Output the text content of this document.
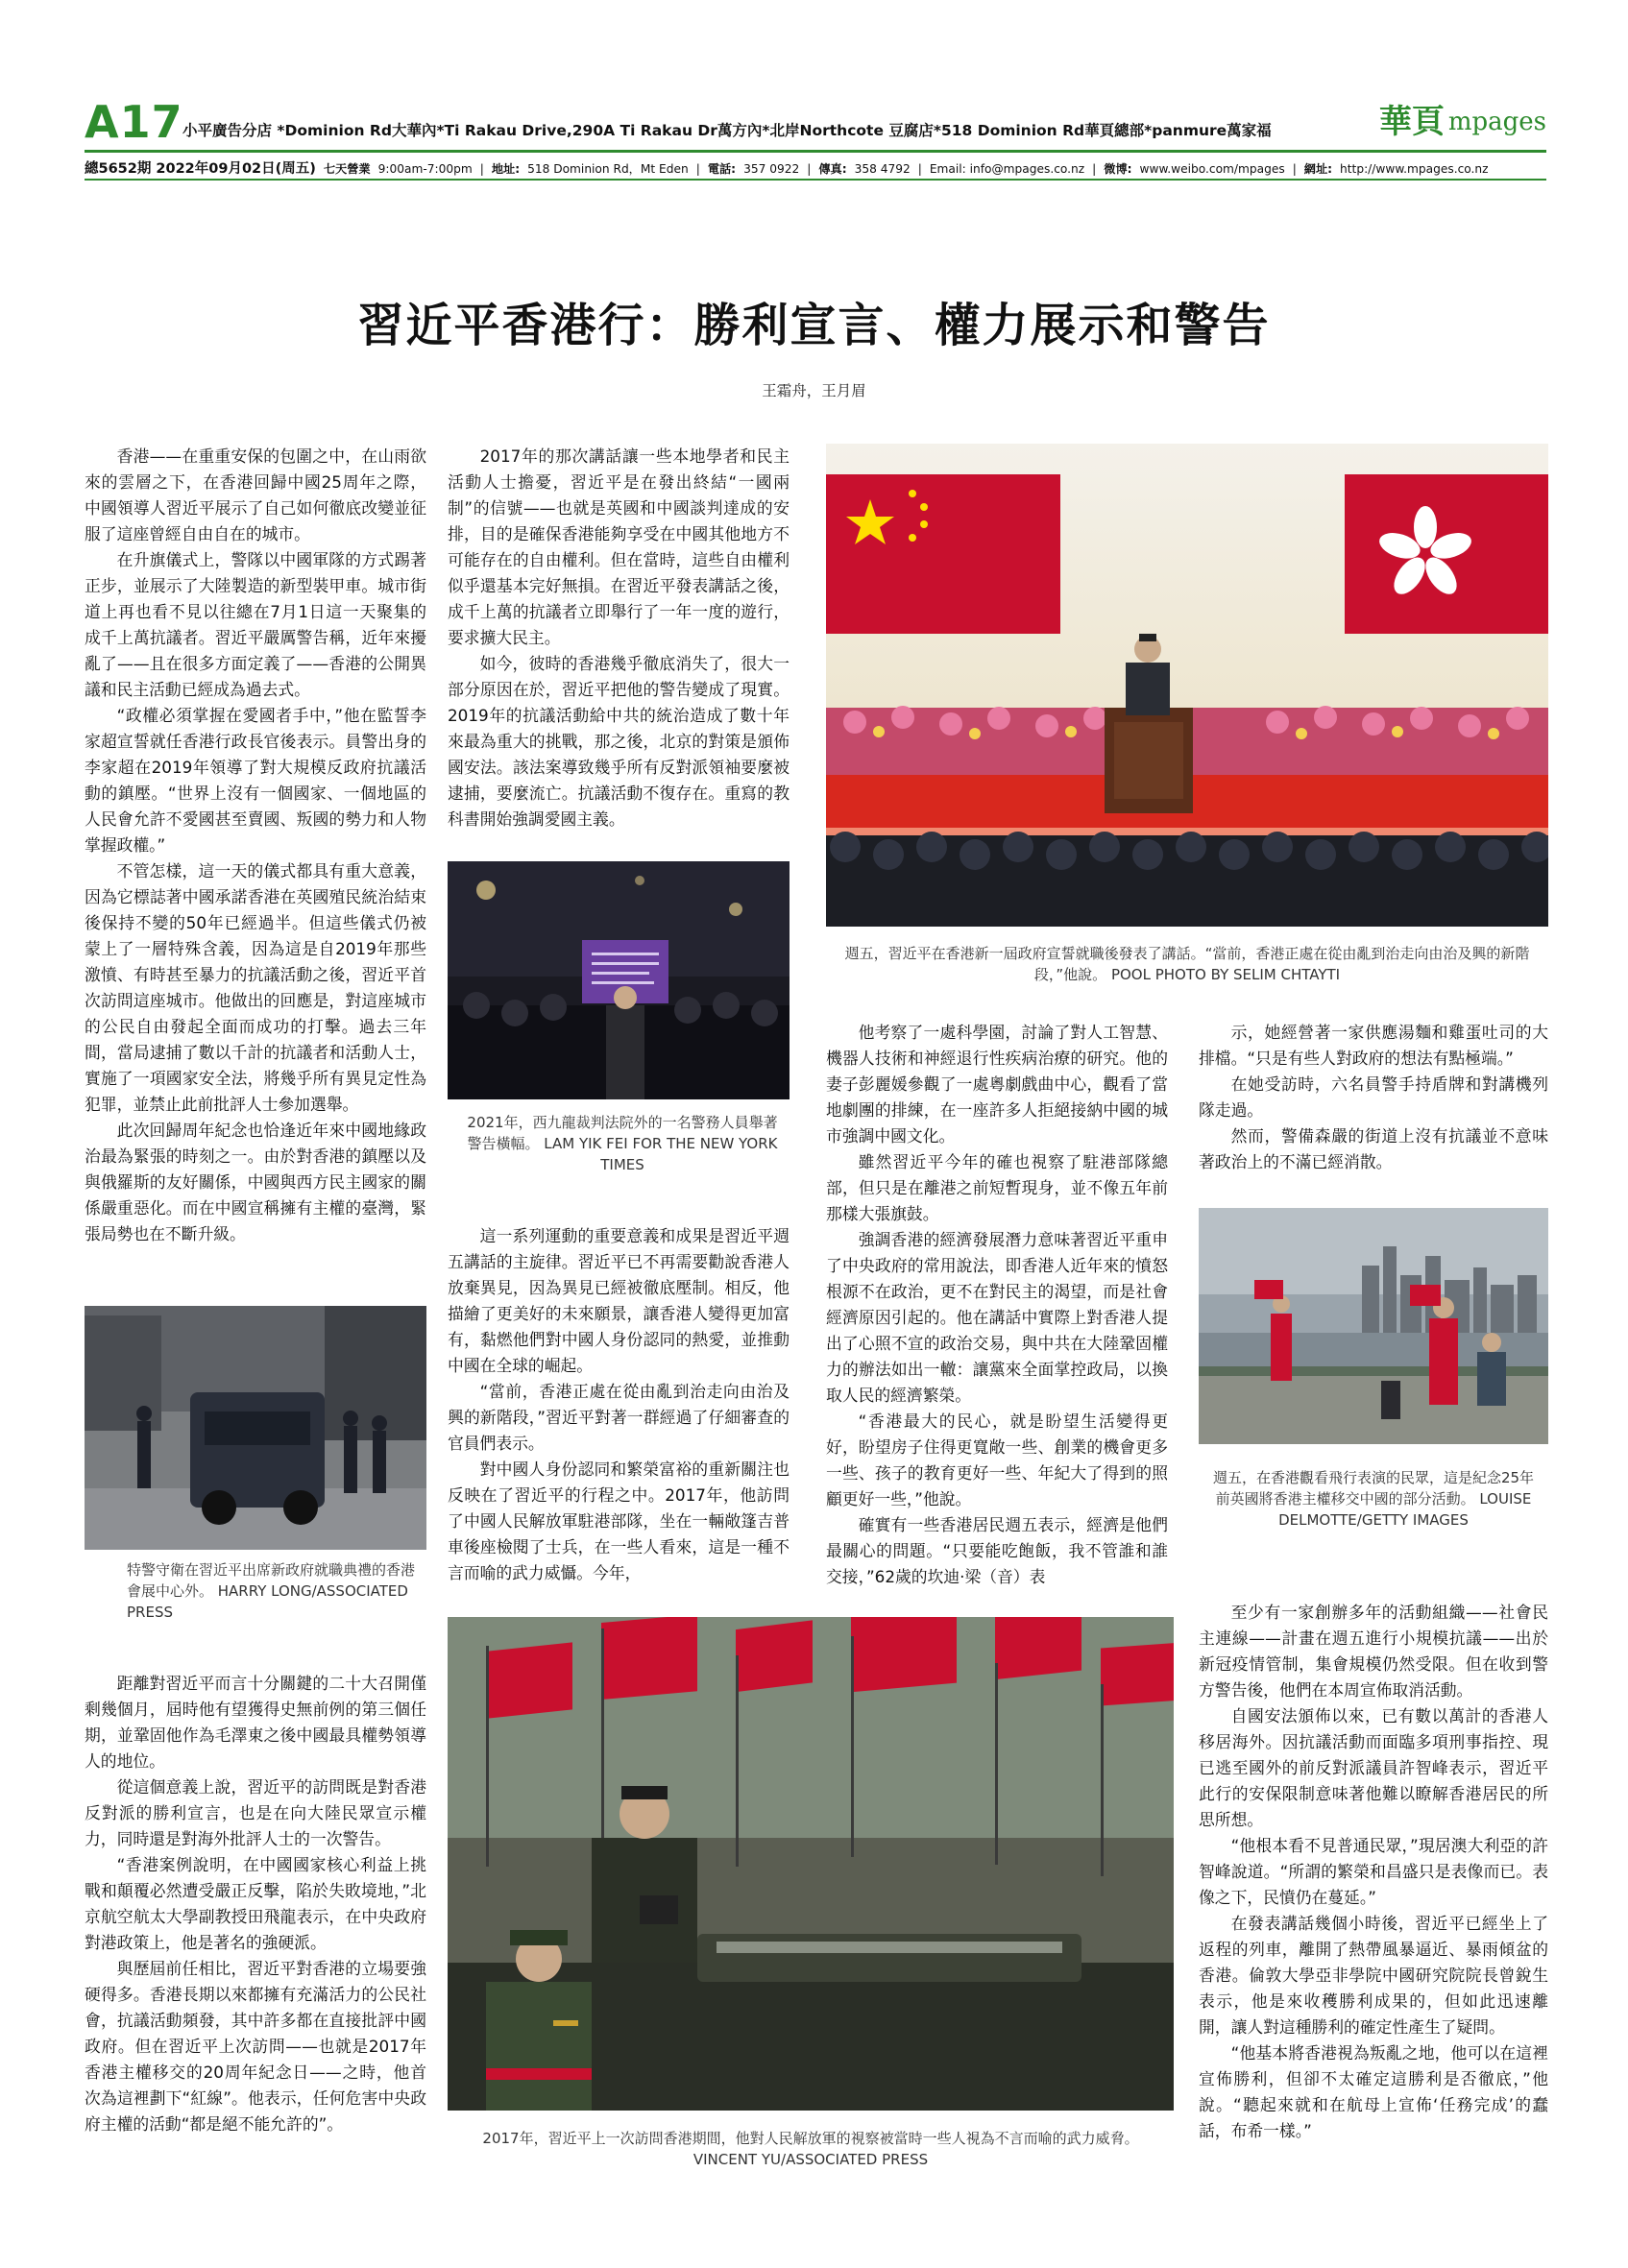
A17 小平廣告分店 *Dominion Rd大華內*Ti Rakau Drive,290A Ti Rakau Dr萬方內*北岸Northcote 豆腐店*518 Dominion Rd華頁總部*panmure萬家福	華頁 mpages
總5652期 2022年09月02日(周五) 七天營業 9:00am-7:00pm | 地址: 518 Dominion Rd，Mt Eden | 電話: 357 0922 | 傳真: 358 4792 | Email: info@mpages.co.nz | 微博: www.weibo.com/mpages | 網址: http://www.mpages.co.nz
習近平香港行：勝利宣言、權力展示和警告
王霜舟，王月眉

香港——在重重安保的包圍之中，在山雨欲來的雲層之下，在香港回歸中國25周年之際，中國領導人習近平展示了自己如何徹底改變並征服了這座曾經自由自在的城市。

在升旗儀式上，警隊以中國軍隊的方式踢著正步，並展示了大陸製造的新型裝甲車。城市街道上再也看不見以往總在7月1日這一天聚集的成千上萬抗議者。習近平嚴厲警告稱，近年來擾亂了——且在很多方面定義了——香港的公開異議和民主活動已經成為過去式。

“政權必須掌握在愛國者手中，”他在監誓李家超宣誓就任香港行政長官後表示。員警出身的李家超在2019年領導了對大規模反政府抗議活動的鎮壓。“世界上沒有一個國家、一個地區的人民會允許不愛國甚至賣國、叛國的勢力和人物掌握政權。”

不管怎樣，這一天的儀式都具有重大意義，因為它標誌著中國承諾香港在英國殖民統治結束後保持不變的50年已經過半。但這些儀式仍被蒙上了一層特殊含義，因為這是自2019年那些激憤、有時甚至暴力的抗議活動之後，習近平首次訪問這座城市。他做出的回應是，對這座城市的公民自由發起全面而成功的打擊。過去三年間，當局逮捕了數以千計的抗議者和活動人士，實施了一項國家安全法，將幾乎所有異見定性為犯罪，並禁止此前批評人士參加選舉。

此次回歸周年紀念也恰逢近年來中國地緣政治最為緊張的時刻之一。由於對香港的鎮壓以及與俄羅斯的友好關係，中國與西方民主國家的關係嚴重惡化。而在中國宣稱擁有主權的臺灣，緊張局勢也在不斷升級。

特警守衛在習近平出席新政府就職典禮的香港會展中心外。 HARRY LONG/ASSOCIATED PRESS

距離對習近平而言十分關鍵的二十大召開僅剩幾個月，屆時他有望獲得史無前例的第三個任期，並鞏固他作為毛澤東之後中國最具權勢領導人的地位。

從這個意義上說，習近平的訪問既是對香港反對派的勝利宣言，也是在向大陸民眾宣示權力，同時還是對海外批評人士的一次警告。

“香港案例說明，在中國國家核心利益上挑戰和顛覆必然遭受嚴正反擊，陷於失敗境地，”北京航空航太大學副教授田飛龍表示，在中央政府對港政策上，他是著名的強硬派。

與歷屆前任相比，習近平對香港的立場要強硬得多。香港長期以來都擁有充滿活力的公民社會，抗議活動頻發，其中許多都在直接批評中國政府。但在習近平上次訪問——也就是2017年香港主權移交的20周年紀念日——之時，他首次為這裡劃下“紅線”。他表示，任何危害中央政府主權的活動“都是絕不能允許的”。

2017年的那次講話讓一些本地學者和民主活動人士擔憂，習近平是在發出終結“一國兩制”的信號——也就是英國和中國談判達成的安排，目的是確保香港能夠享受在中國其他地方不可能存在的自由權利。但在當時，這些自由權利似乎還基本完好無損。在習近平發表講話之後，成千上萬的抗議者立即舉行了一年一度的遊行，要求擴大民主。

如今，彼時的香港幾乎徹底消失了，很大一部分原因在於，習近平把他的警告變成了現實。2019年的抗議活動給中共的統治造成了數十年來最為重大的挑戰，那之後，北京的對策是頒佈國安法。該法案導致幾乎所有反對派領袖要麼被逮捕，要麼流亡。抗議活動不復存在。重寫的教科書開始強調愛國主義。

2021年，西九龍裁判法院外的一名警務人員舉著警告橫幅。 LAM YIK FEI FOR THE NEW YORK TIMES

這一系列運動的重要意義和成果是習近平週五講話的主旋律。習近平已不再需要勸說香港人放棄異見，因為異見已經被徹底壓制。相反，他描繪了更美好的未來願景，讓香港人變得更加富有，黏燃他們對中國人身份認同的熱愛，並推動中國在全球的崛起。

“當前，香港正處在從由亂到治走向由治及興的新階段，”習近平對著一群經過了仔細審查的官員們表示。

對中國人身份認同和繁榮富裕的重新關注也反映在了習近平的行程之中。2017年，他訪問了中國人民解放軍駐港部隊，坐在一輛敞篷吉普車後座檢閱了士兵，在一些人看來，這是一種不言而喻的武力威懾。今年，

週五，習近平在香港新一屆政府宣誓就職後發表了講話。“當前，香港正處在從由亂到治走向由治及興的新階段，”他說。 POOL PHOTO BY SELIM CHTAYTI

他考察了一處科學園，討論了對人工智慧、機器人技術和神經退行性疾病治療的研究。他的妻子彭麗媛參觀了一處粵劇戲曲中心，觀看了當地劇團的排練，在一座許多人拒絕接納中國的城市強調中國文化。

雖然習近平今年的確也視察了駐港部隊總部，但只是在離港之前短暫現身，並不像五年前那樣大張旗鼓。

強調香港的經濟發展潛力意味著習近平重申了中央政府的常用說法，即香港人近年來的憤怒根源不在政治，更不在對民主的渴望，而是社會經濟原因引起的。他在講話中實際上對香港人提出了心照不宣的政治交易，與中共在大陸鞏固權力的辦法如出一轍：讓黨來全面掌控政局，以換取人民的經濟繁榮。

“香港最大的民心，就是盼望生活變得更好，盼望房子住得更寬敞一些、創業的機會更多一些、孩子的教育更好一些、年紀大了得到的照顧更好一些，”他說。

確實有一些香港居民週五表示，經濟是他們最關心的問題。“只要能吃飽飯，我不管誰和誰交接，”62歲的坎迪·梁（音）表

示，她經營著一家供應湯麵和雞蛋吐司的大排檔。“只是有些人對政府的想法有點極端。”

在她受訪時，六名員警手持盾牌和對講機列隊走過。

然而，警備森嚴的街道上沒有抗議並不意味著政治上的不滿已經消散。

週五，在香港觀看飛行表演的民眾，這是紀念25年前英國將香港主權移交中國的部分活動。 LOUISE DELMOTTE/GETTY IMAGES

至少有一家創辦多年的活動組織——社會民主連線——計畫在週五進行小規模抗議——出於新冠疫情管制，集會規模仍然受限。但在收到警方警告後，他們在本周宣佈取消活動。

自國安法頒佈以來，已有數以萬計的香港人移居海外。因抗議活動而面臨多項刑事指控、現已逃至國外的前反對派議員許智峰表示，習近平此行的安保限制意味著他難以瞭解香港居民的所思所想。

“他根本看不見普通民眾，”現居澳大利亞的許智峰說道。“所謂的繁榮和昌盛只是表像而已。表像之下，民憤仍在蔓延。”

在發表講話幾個小時後，習近平已經坐上了返程的列車，離開了熱帶風暴逼近、暴雨傾盆的香港。倫敦大學亞非學院中國研究院院長曾銳生表示，他是來收穫勝利成果的，但如此迅速離開，讓人對這種勝利的確定性產生了疑問。

“他基本將香港視為叛亂之地，他可以在這裡宣佈勝利，但卻不太確定這勝利是否徹底，”他說。“聽起來就和在航母上宣佈‘任務完成’的蠢話，布希一樣。”

2017年，習近平上一次訪問香港期間，他對人民解放軍的視察被當時一些人視為不言而喻的武力威脅。 VINCENT YU/ASSOCIATED PRESS
